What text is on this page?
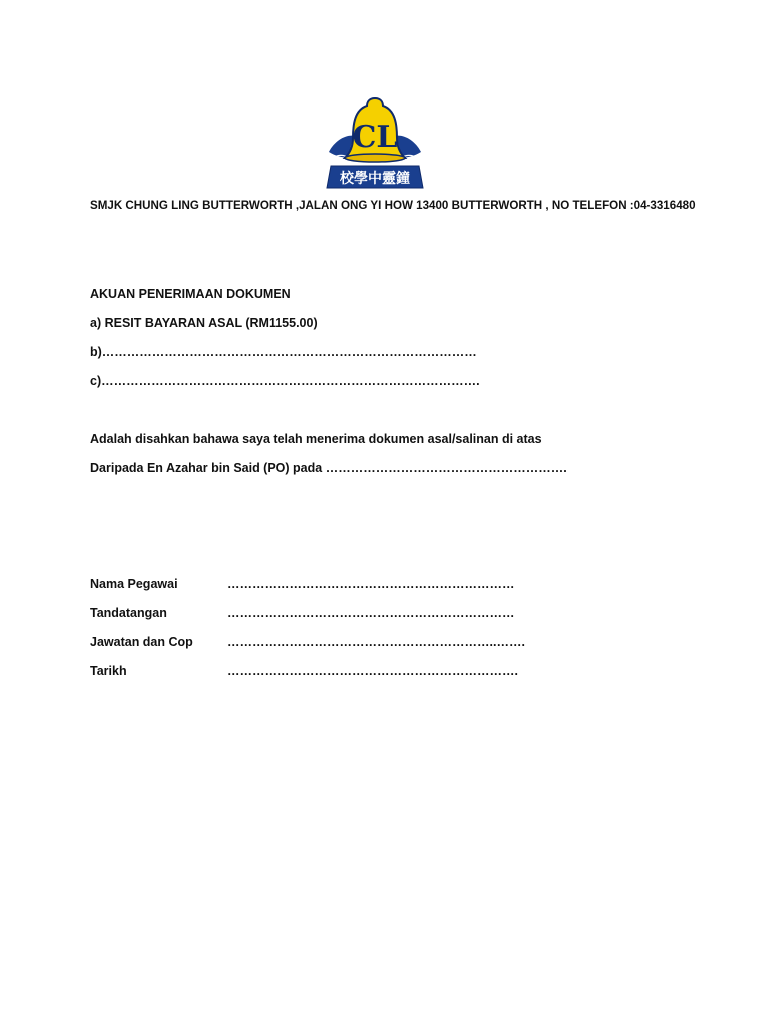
CL
校學中靈鐘
SMJK CHUNG LING BUTTERWORTH ,JALAN ONG YI HOW 13400 BUTTERWORTH , NO TELEFON :04-3316480
AKUAN PENERIMAAN DOKUMEN
a) RESIT BAYARAN ASAL (RM1155.00)
b)………………………………………………………………………………
c)……………………………………………………………………………….
Adalah disahkan bahawa saya telah menerima dokumen asal/salinan di atas
Daripada En Azahar bin Said (PO) pada ………………………………………………….
Nama Pegawai	……………………………………………………………
Tandatangan	……………………………………………………………
Jawatan dan Cop	………………………………………………………..…….
Tarikh	…………………………………………………………….
